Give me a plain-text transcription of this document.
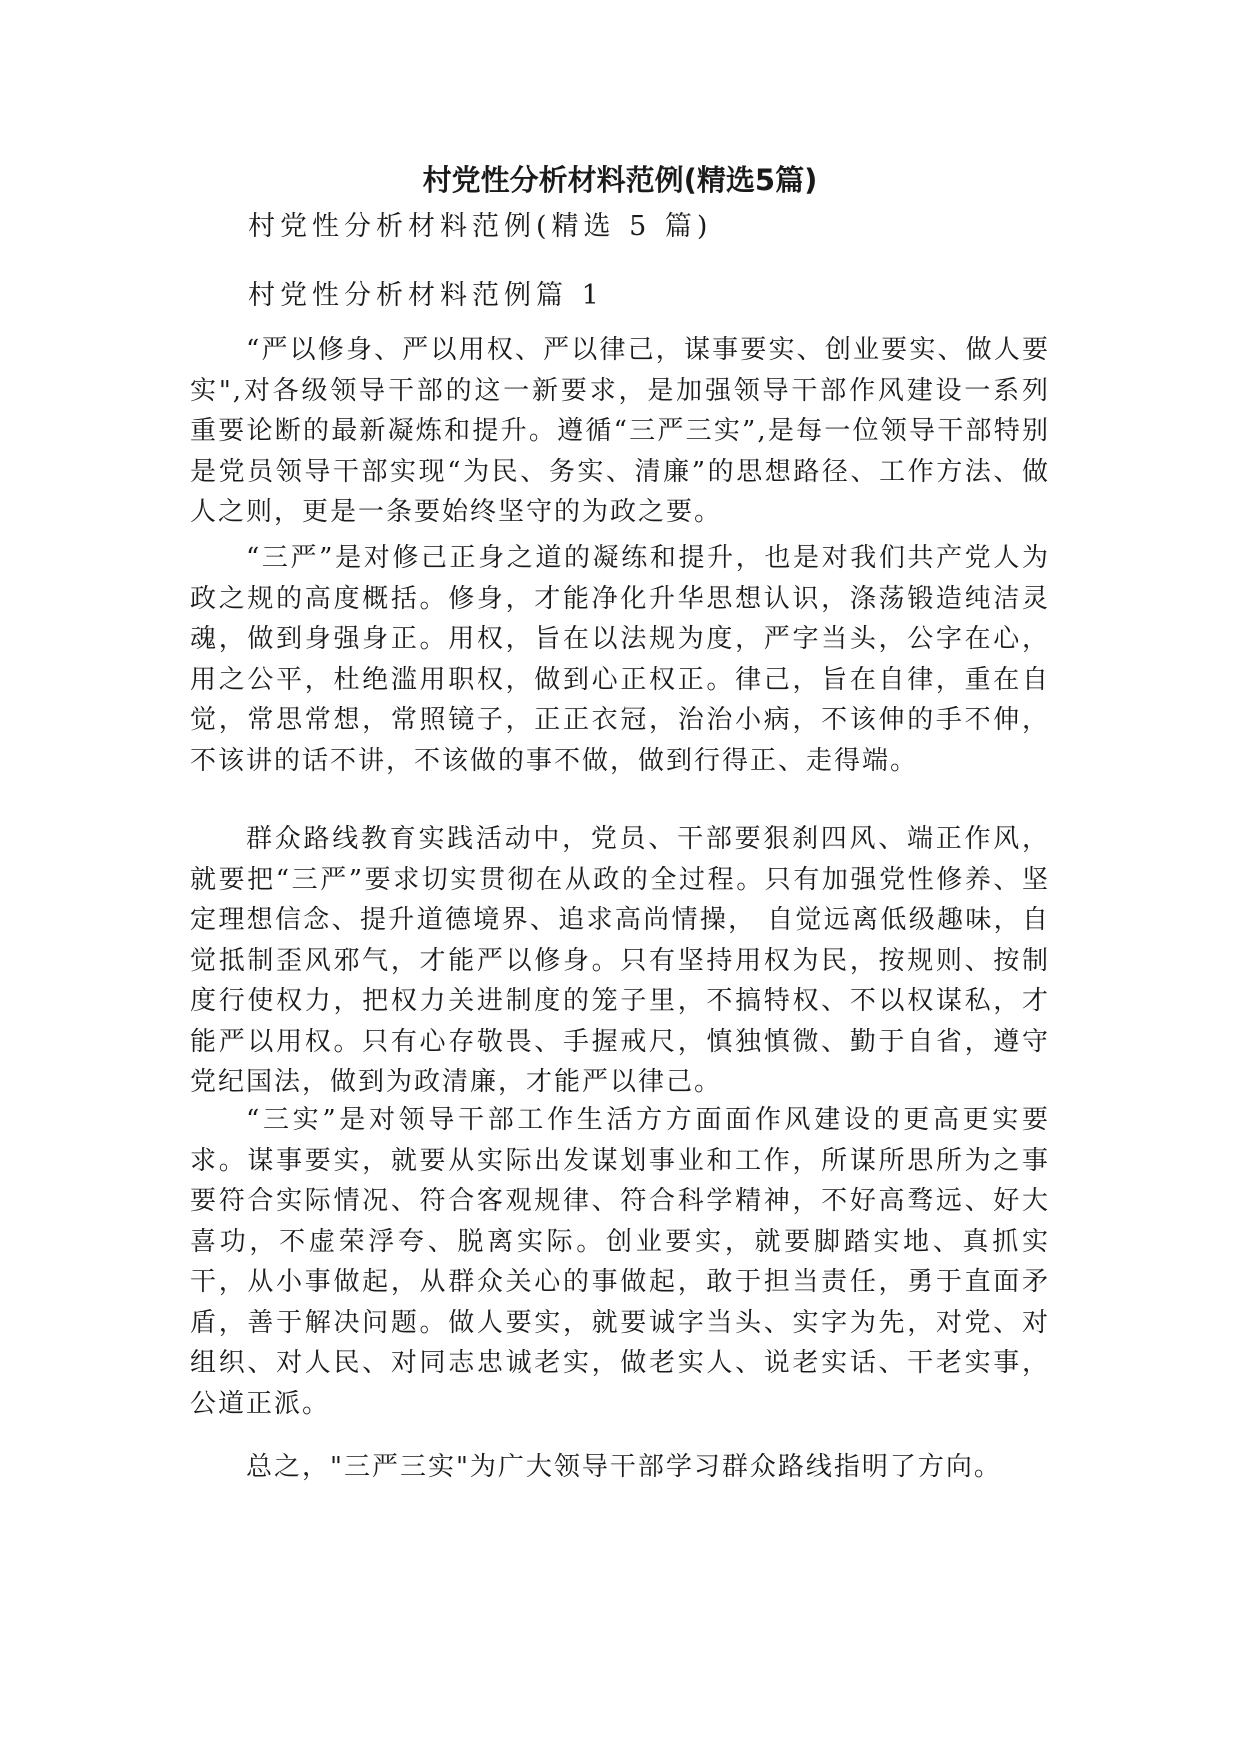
村党性分析材料范例(精选5篇)
村党性分析材料范例(精选 5 篇)
村党性分析材料范例篇 1

“严以修身、严以用权、严以律己，谋事要实、创业要实、做人要实",对各级领导干部的这一新要求，是加强领导干部作风建设一系列重要论断的最新凝炼和提升。遵循“三严三实”,是每一位领导干部特别是党员领导干部实现“为民、务实、清廉”的思想路径、工作方法、做人之则，更是一条要始终坚守的为政之要。

“三严”是对修己正身之道的凝练和提升，也是对我们共产党人为政之规的高度概括。修身，才能净化升华思想认识，涤荡锻造纯洁灵魂，做到身强身正。用权，旨在以法规为度，严字当头，公字在心，用之公平，杜绝滥用职权，做到心正权正。律己，旨在自律，重在自觉，常思常想，常照镜子，正正衣冠，治治小病，不该伸的手不伸，不该讲的话不讲，不该做的事不做，做到行得正、走得端。

群众路线教育实践活动中，党员、干部要狠刹四风、端正作风，就要把“三严”要求切实贯彻在从政的全过程。只有加强党性修养、坚定理想信念、提升道德境界、追求高尚情操， 自觉远离低级趣味，自觉抵制歪风邪气，才能严以修身。只有坚持用权为民，按规则、按制度行使权力，把权力关进制度的笼子里，不搞特权、不以权谋私，才能严以用权。只有心存敬畏、手握戒尺，慎独慎微、勤于自省，遵守党纪国法，做到为政清廉，才能严以律己。

“三实”是对领导干部工作生活方方面面作风建设的更高更实要求。谋事要实，就要从实际出发谋划事业和工作，所谋所思所为之事要符合实际情况、符合客观规律、符合科学精神，不好高骛远、好大喜功，不虚荣浮夸、脱离实际。创业要实，就要脚踏实地、真抓实干，从小事做起，从群众关心的事做起，敢于担当责任，勇于直面矛盾，善于解决问题。做人要实，就要诚字当头、实字为先，对党、对组织、对人民、对同志忠诚老实，做老实人、说老实话、干老实事，公道正派。

总之，"三严三实"为广大领导干部学习群众路线指明了方向。
